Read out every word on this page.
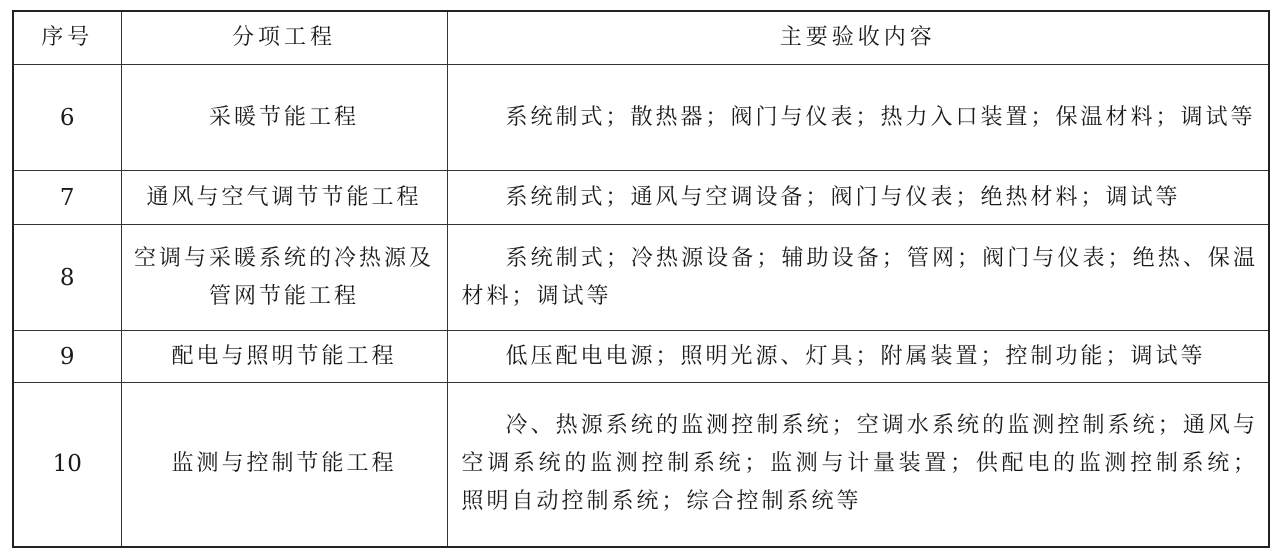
序号	分项工程	主要验收内容
6	采暖节能工程	系统制式；散热器；阀门与仪表；热力入口装置；保温材料；调试等
7	通风与空气调节节能工程	系统制式；通风与空调设备；阀门与仪表；绝热材料；调试等
8	空调与采暖系统的冷热源及管网节能工程	系统制式；冷热源设备；辅助设备；管网；阀门与仪表；绝热、保温材料；调试等
9	配电与照明节能工程	低压配电电源；照明光源、灯具；附属装置；控制功能；调试等
10	监测与控制节能工程	冷、热源系统的监测控制系统；空调水系统的监测控制系统；通风与空调系统的监测控制系统；监测与计量装置；供配电的监测控制系统；照明自动控制系统；综合控制系统等
